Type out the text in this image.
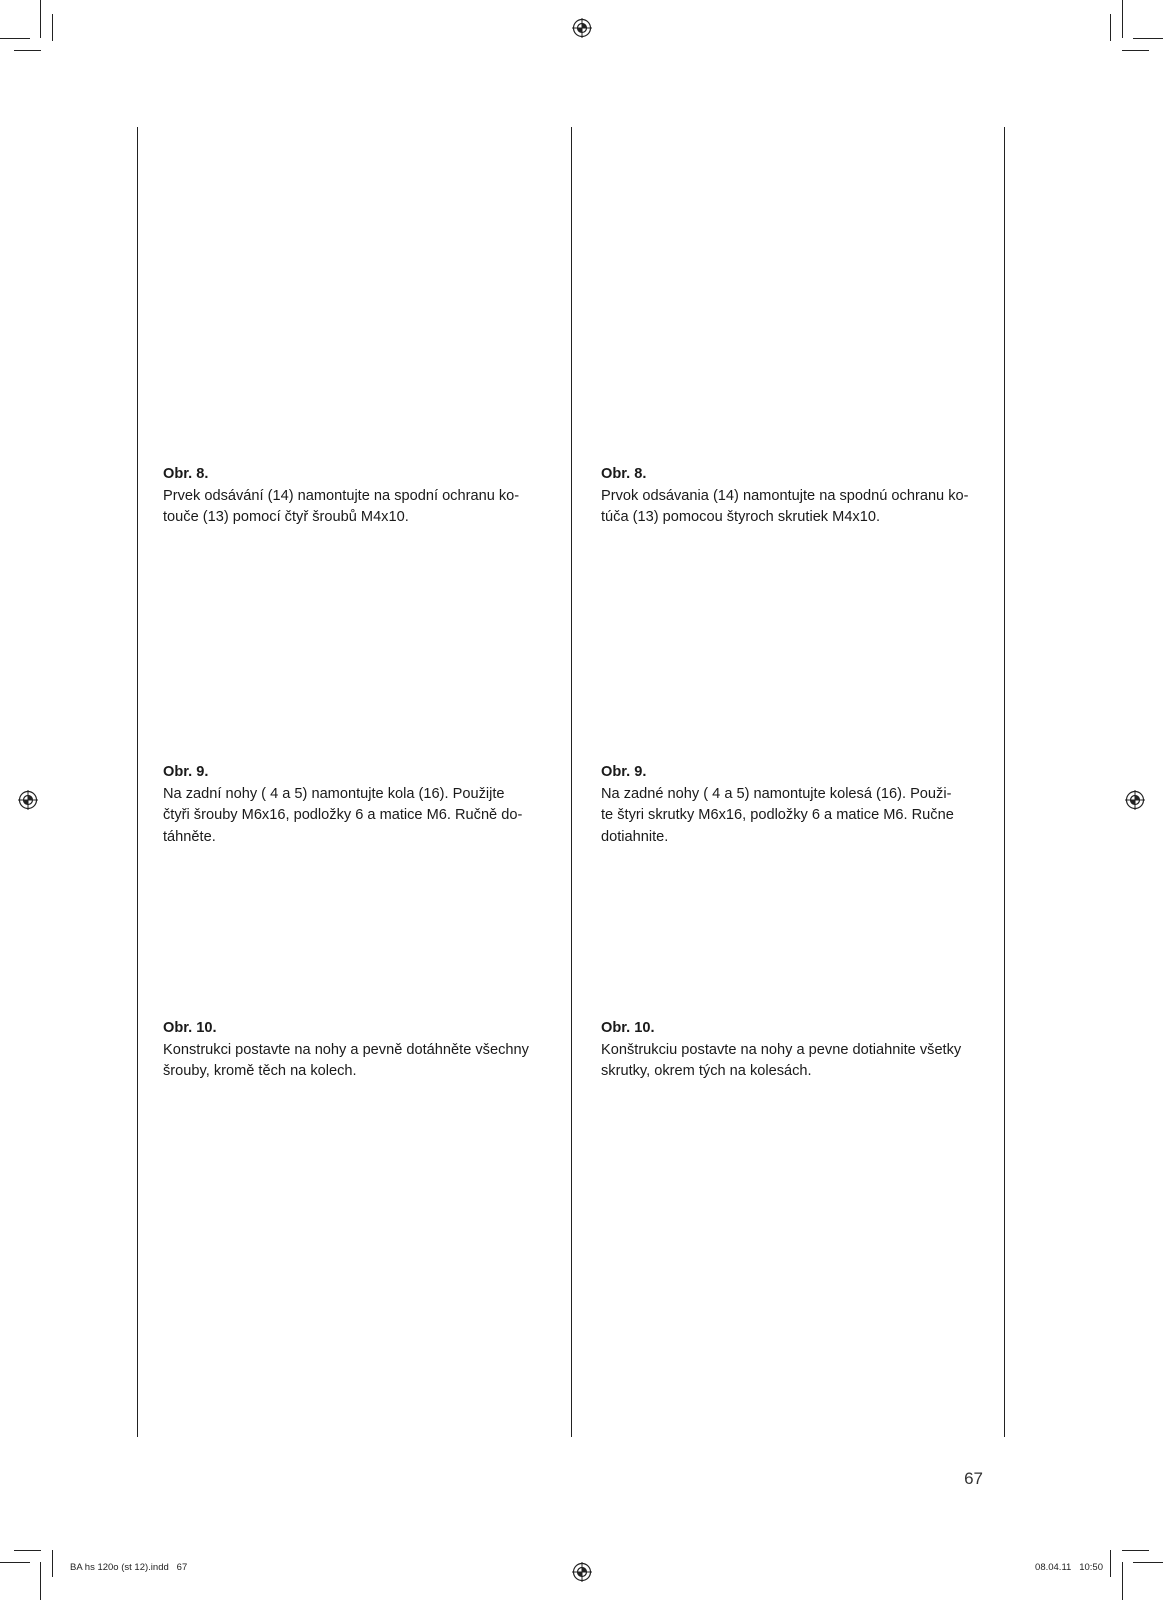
Obr. 8.

Prvek odsávání (14) namontujte na spodní ochranu ko-
touče (13) pomocí čtyř šroubů M4x10.

Obr. 9.

Na zadní nohy ( 4 a 5) namontujte kola (16). Použijte
čtyři šrouby M6x16, podložky 6 a matice M6. Ručně do-
táhněte.

Obr. 10.

Konstrukci postavte na nohy a pevně dotáhněte všechny
šrouby, kromě těch na kolech.

Obr. 8.

Prvok odsávania (14) namontujte na spodnú ochranu ko-
túča (13) pomocou štyroch skrutiek M4x10.

Obr. 9.

Na zadné nohy ( 4 a 5) namontujte kolesá (16). Použi-
te štyri skrutky M6x16, podložky 6 a matice M6. Ručne
dotiahnite.

Obr. 10.

Konštrukciu postavte na nohy a pevne dotiahnite všetky
skrutky, okrem tých na kolesách.

67
BA hs 120o (st 12).indd   67	08.04.11   10:50
